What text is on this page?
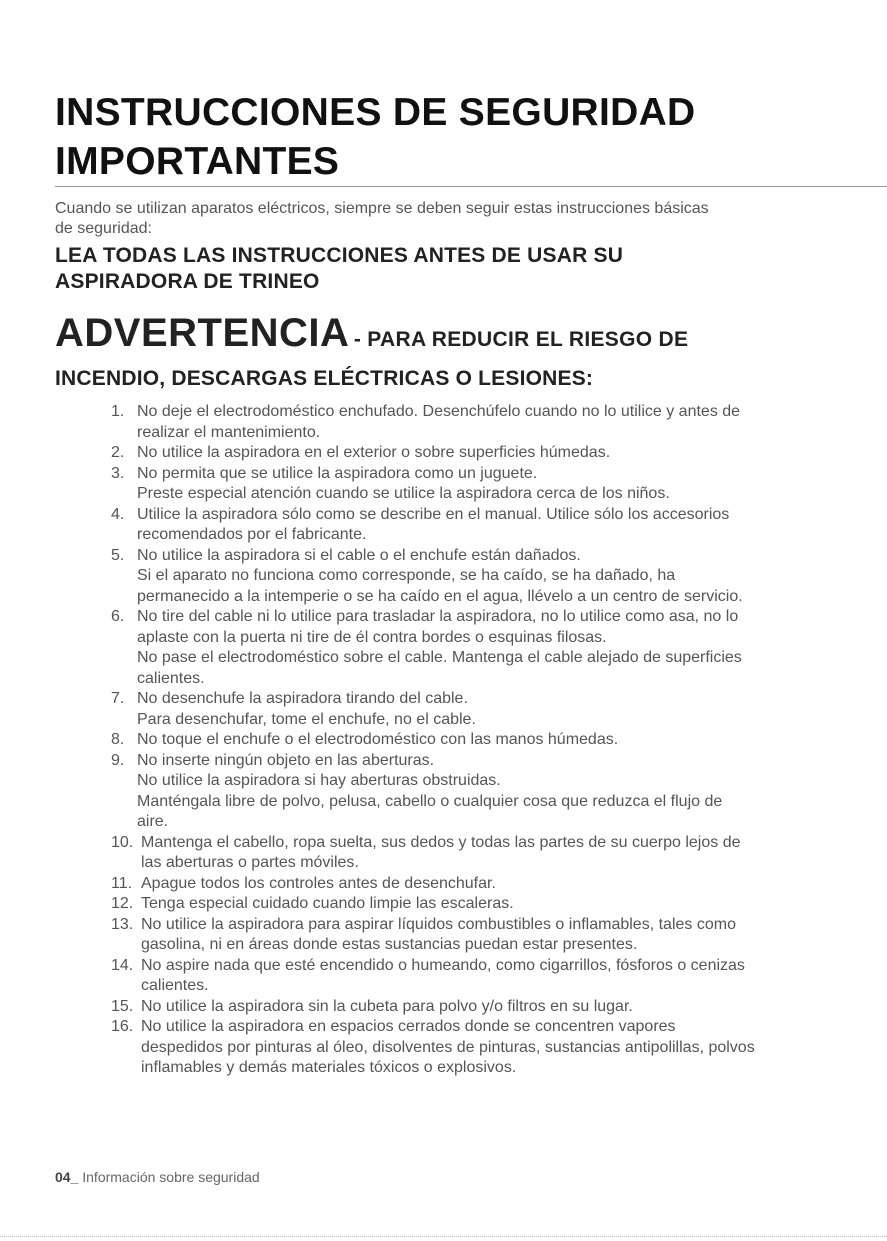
INSTRUCCIONES DE SEGURIDAD
IMPORTANTES

Cuando se utilizan aparatos eléctricos, siempre se deben seguir estas instrucciones básicas
de seguridad:

LEA TODAS LAS INSTRUCCIONES ANTES DE USAR SU
ASPIRADORA DE TRINEO
ADVERTENCIA - PARA REDUCIR EL RIESGO DE
INCENDIO, DESCARGAS ELÉCTRICAS O LESIONES:
1. No deje el electrodoméstico enchufado. Desenchúfelo cuando no lo utilice y antes de
realizar el mantenimiento.
2. No utilice la aspiradora en el exterior o sobre superficies húmedas.
3. No permita que se utilice la aspiradora como un juguete.
Preste especial atención cuando se utilice la aspiradora cerca de los niños.
4. Utilice la aspiradora sólo como se describe en el manual. Utilice sólo los accesorios
recomendados por el fabricante.
5. No utilice la aspiradora si el cable o el enchufe están dañados.
Si el aparato no funciona como corresponde, se ha caído, se ha dañado, ha
permanecido a la intemperie o se ha caído en el agua, llévelo a un centro de servicio.
6. No tire del cable ni lo utilice para trasladar la aspiradora, no lo utilice como asa, no lo
aplaste con la puerta ni tire de él contra bordes o esquinas filosas.
No pase el electrodoméstico sobre el cable. Mantenga el cable alejado de superficies
calientes.
7. No desenchufe la aspiradora tirando del cable.
Para desenchufar, tome el enchufe, no el cable.
8. No toque el enchufe o el electrodoméstico con las manos húmedas.
9. No inserte ningún objeto en las aberturas.
No utilice la aspiradora si hay aberturas obstruidas.
Manténgala libre de polvo, pelusa, cabello o cualquier cosa que reduzca el flujo de
aire.
10. Mantenga el cabello, ropa suelta, sus dedos y todas las partes de su cuerpo lejos de
las aberturas o partes móviles.
11. Apague todos los controles antes de desenchufar.
12. Tenga especial cuidado cuando limpie las escaleras.
13. No utilice la aspiradora para aspirar líquidos combustibles o inflamables, tales como
gasolina, ni en áreas donde estas sustancias puedan estar presentes.
14. No aspire nada que esté encendido o humeando, como cigarrillos, fósforos o cenizas
calientes.
15. No utilice la aspiradora sin la cubeta para polvo y/o filtros en su lugar.
16. No utilice la aspiradora en espacios cerrados donde se concentren vapores
despedidos por pinturas al óleo, disolventes de pinturas, sustancias antipolillas, polvos
inflamables y demás materiales tóxicos o explosivos.
04_ Información sobre seguridad
